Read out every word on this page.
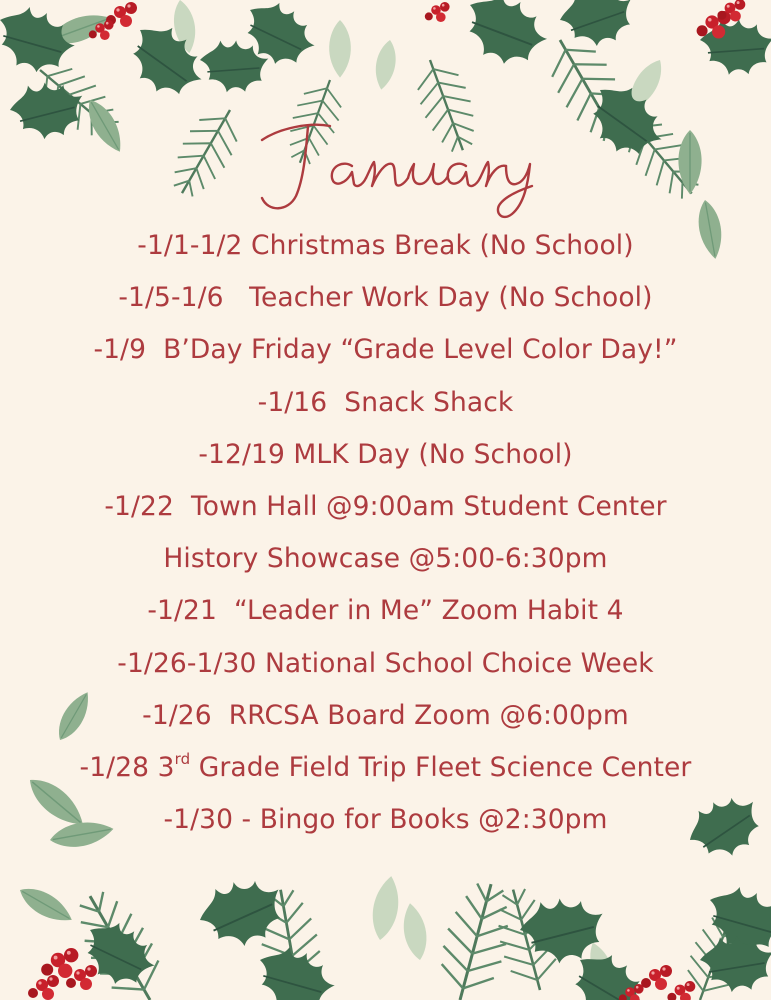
-1/1-1/2 Christmas Break (No School)
-1/5-1/6   Teacher Work Day (No School)
-1/9  B’Day Friday “Grade Level Color Day!”
-1/16  Snack Shack
-12/19 MLK Day (No School)
-1/22  Town Hall @9:00am Student Center
History Showcase @5:00-6:30pm
-1/21  “Leader in Me” Zoom Habit 4
-1/26-1/30 National School Choice Week
-1/26  RRCSA Board Zoom @6:00pm
-1/28 3rd Grade Field Trip Fleet Science Center
-1/30 - Bingo for Books @2:30pm
